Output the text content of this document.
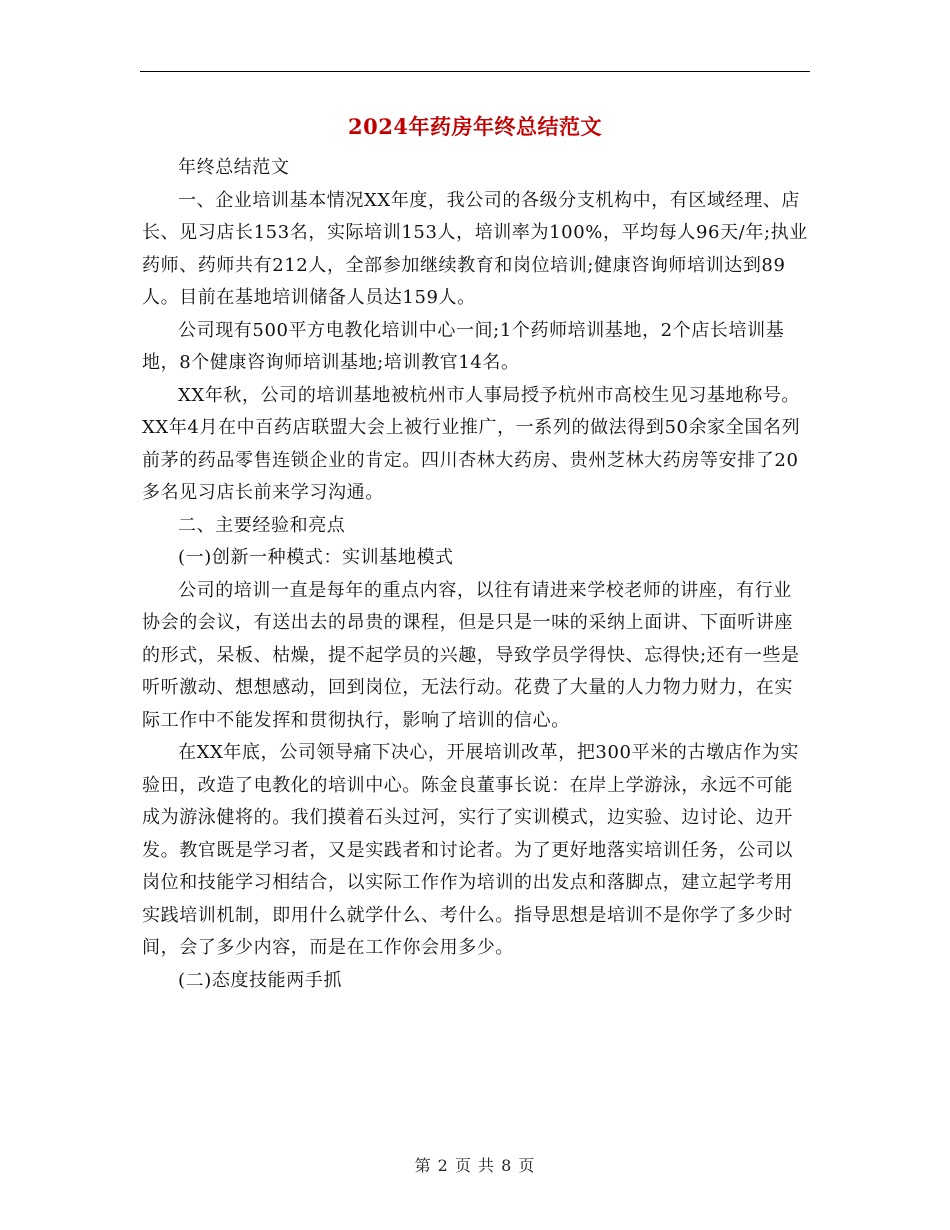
2024年药房年终总结范文

年终总结范文

一、企业培训基本情况XX年度，我公司的各级分支机构中，有区域经理、店长、见习店长153名，实际培训153人，培训率为100%，平均每人96天/年;执业药师、药师共有212人，全部参加继续教育和岗位培训;健康咨询师培训达到89人。目前在基地培训储备人员达159人。

公司现有500平方电教化培训中心一间;1个药师培训基地，2个店长培训基地，8个健康咨询师培训基地;培训教官14名。

XX年秋，公司的培训基地被杭州市人事局授予杭州市高校生见习基地称号。XX年4月在中百药店联盟大会上被行业推广，一系列的做法得到50余家全国名列前茅的药品零售连锁企业的肯定。四川杏林大药房、贵州芝林大药房等安排了20多名见习店长前来学习沟通。

二、主要经验和亮点

(一)创新一种模式：实训基地模式

公司的培训一直是每年的重点内容，以往有请进来学校老师的讲座，有行业协会的会议，有送出去的昂贵的课程，但是只是一味的采纳上面讲、下面听讲座的形式，呆板、枯燥，提不起学员的兴趣，导致学员学得快、忘得快;还有一些是听听激动、想想感动，回到岗位，无法行动。花费了大量的人力物力财力，在实际工作中不能发挥和贯彻执行，影响了培训的信心。

在XX年底，公司领导痛下决心，开展培训改革，把300平米的古墩店作为实验田，改造了电教化的培训中心。陈金良董事长说：在岸上学游泳，永远不可能成为游泳健将的。我们摸着石头过河，实行了实训模式，边实验、边讨论、边开发。教官既是学习者，又是实践者和讨论者。为了更好地落实培训任务，公司以岗位和技能学习相结合，以实际工作作为培训的出发点和落脚点，建立起学考用实践培训机制，即用什么就学什么、考什么。指导思想是培训不是你学了多少时间，会了多少内容，而是在工作你会用多少。

(二)态度技能两手抓

第 2 页 共 8 页
